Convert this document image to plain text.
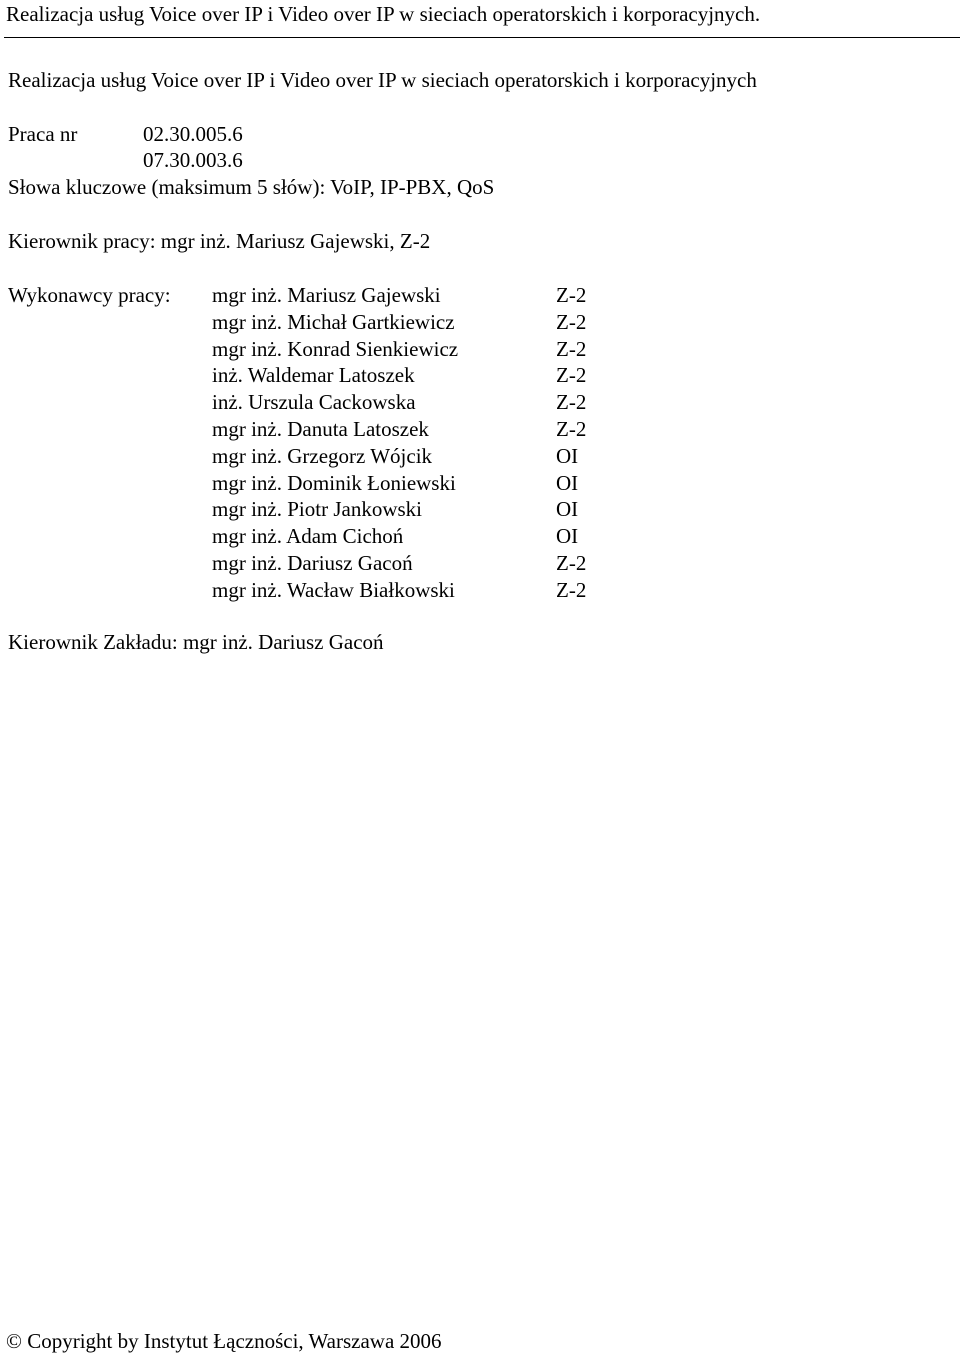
Realizacja usług Voice over IP i Video over IP w sieciach operatorskich i korporacyjnych.
Realizacja usług Voice over IP i Video over IP w sieciach operatorskich i korporacyjnych
Praca nr	02.30.005.6
07.30.003.6
Słowa kluczowe (maksimum 5 słów): VoIP, IP-PBX, QoS
Kierownik pracy: mgr inż. Mariusz Gajewski, Z-2
Wykonawcy pracy: mgr inż. Mariusz Gajewski	Z-2
mgr inż. Michał Gartkiewicz	Z-2
mgr inż. Konrad Sienkiewicz	Z-2
inż. Waldemar Latoszek	Z-2
inż. Urszula Cackowska	Z-2
mgr inż. Danuta Latoszek	Z-2
mgr inż. Grzegorz Wójcik	OI
mgr inż. Dominik Łoniewski	OI
mgr inż. Piotr Jankowski	OI
mgr inż. Adam Cichoń	OI
mgr inż. Dariusz Gacoń	Z-2
mgr inż. Wacław Białkowski	Z-2
Kierownik Zakładu: mgr inż. Dariusz Gacoń
© Copyright by Instytut Łączności, Warszawa 2006
